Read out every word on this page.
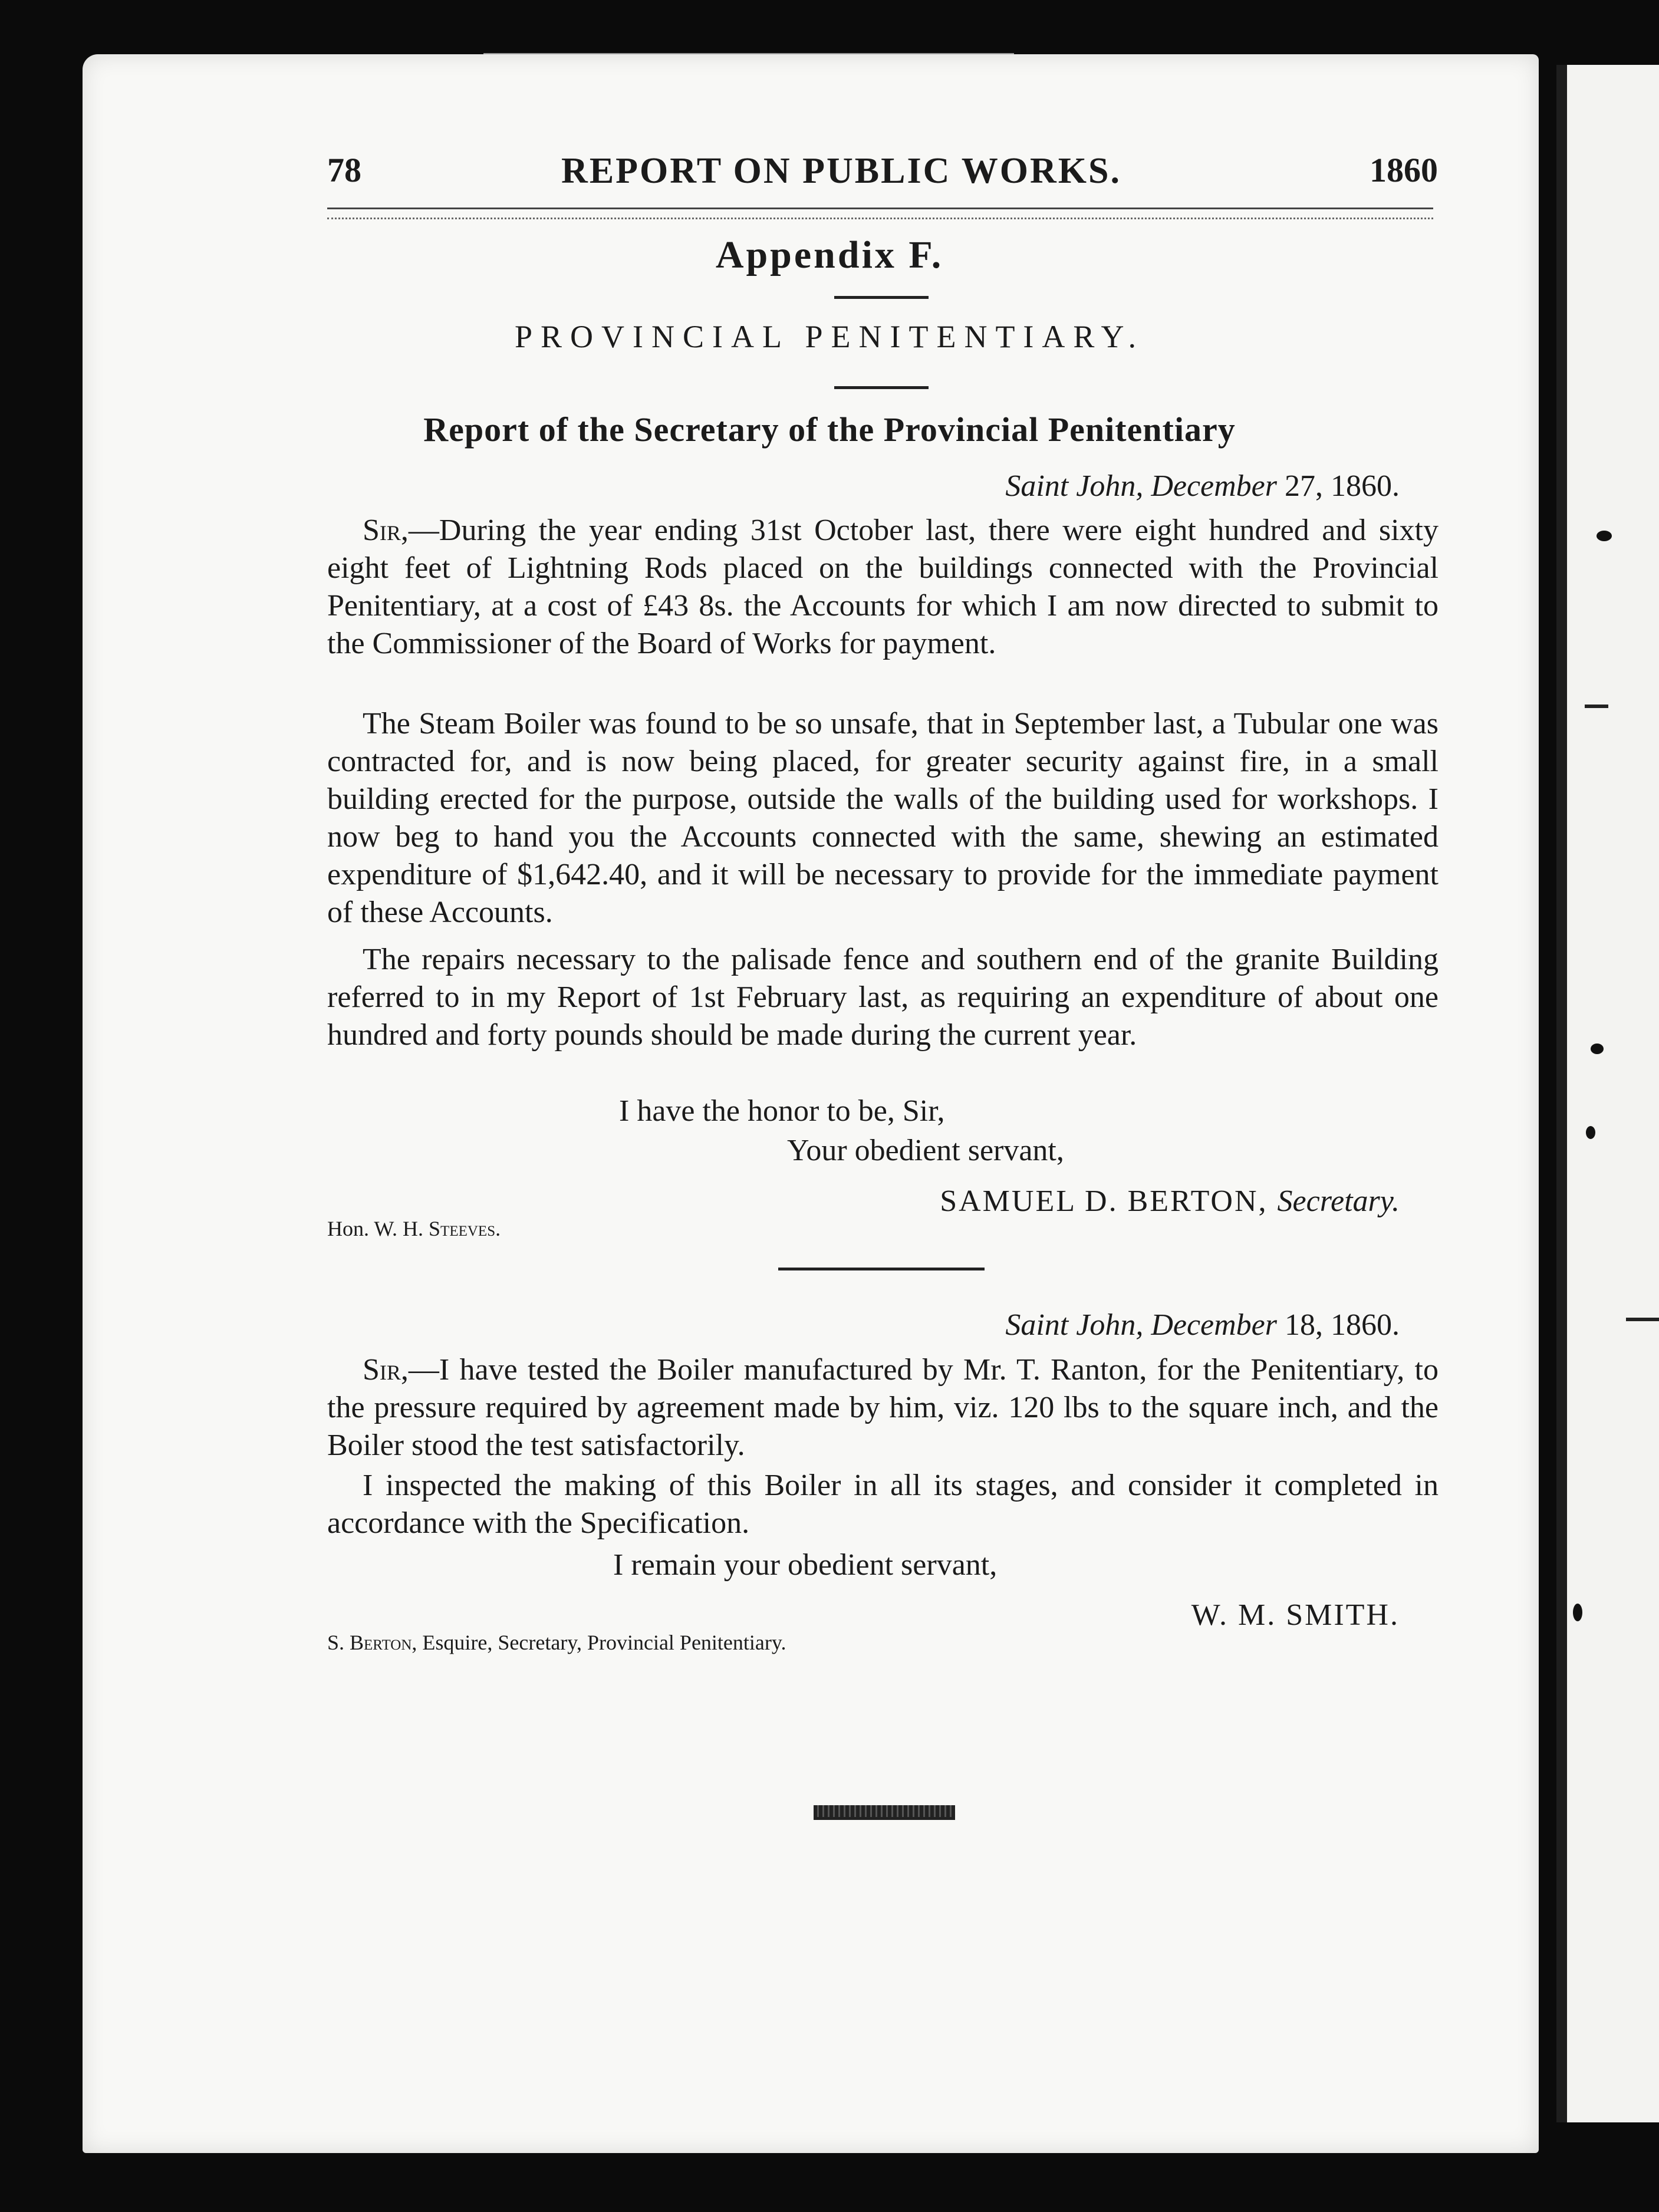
78	REPORT ON PUBLIC WORKS.	1860
Appendix F.
PROVINCIAL PENITENTIARY.
Report of the Secretary of the Provincial Penitentiary
Saint John, December 27, 1860.
Sir,—During the year ending 31st October last, there were eight hundred and sixty eight feet of Lightning Rods placed on the buildings connected with the Provincial Penitentiary, at a cost of £43 8s. the Accounts for which I am now directed to submit to the Commissioner of the Board of Works for payment.
The Steam Boiler was found to be so unsafe, that in September last, a Tubular one was contracted for, and is now being placed, for greater security against fire, in a small building erected for the purpose, outside the walls of the building used for workshops. I now beg to hand you the Accounts connected with the same, shewing an estimated expenditure of $1,642.40, and it will be necessary to provide for the immediate payment of these Accounts.
The repairs necessary to the palisade fence and southern end of the granite Building referred to in my Report of 1st February last, as requiring an expenditure of about one hundred and forty pounds should be made during the current year.
I have the honor to be, Sir,
Your obedient servant,
SAMUEL D. BERTON, Secretary.
Hon. W. H. Steeves.
Saint John, December 18, 1860.
Sir,—I have tested the Boiler manufactured by Mr. T. Ranton, for the Penitentiary, to the pressure required by agreement made by him, viz. 120 lbs to the square inch, and the Boiler stood the test satisfactorily.
I inspected the making of this Boiler in all its stages, and consider it completed in accordance with the Specification.
I remain your obedient servant,
W. M. SMITH.
S. Berton, Esquire, Secretary, Provincial Penitentiary.
